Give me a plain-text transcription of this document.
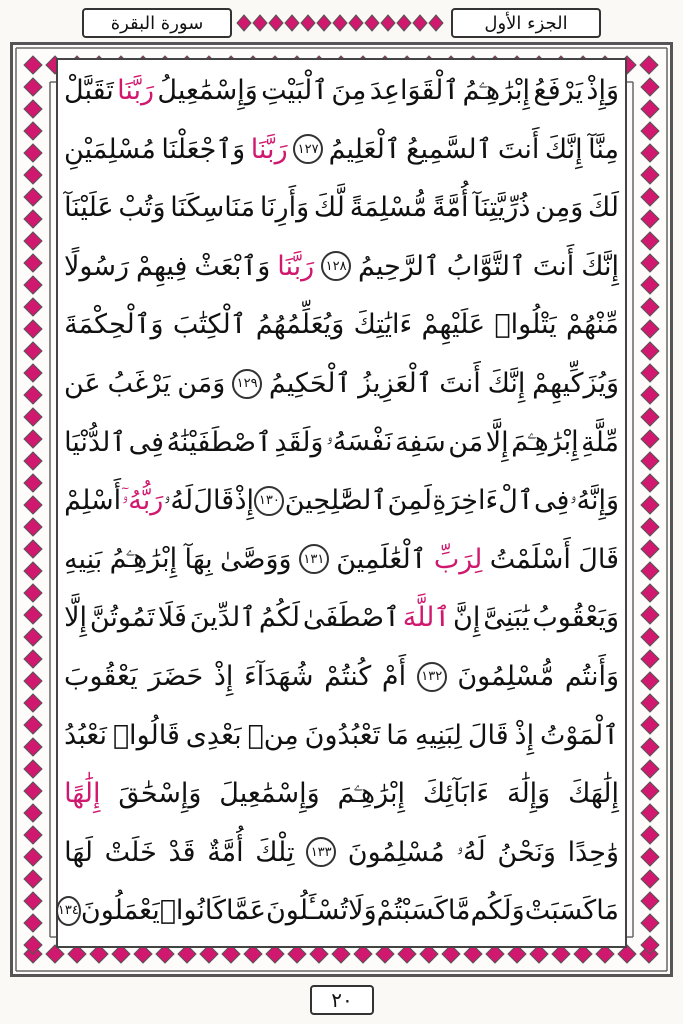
سورة البقرة	الجزء الأول
وَإِذْ
يَرْفَعُ
إِبْرَٰهِـۧمُ
ٱلْقَوَاعِدَ
مِنَ
ٱلْبَيْتِ
وَإِسْمَٰعِيلُ
رَبَّنَا
تَقَبَّلْ
مِنَّآ
إِنَّكَ
أَنتَ
ٱلسَّمِيعُ
ٱلْعَلِيمُ
١٢٧
رَبَّنَا
وَٱجْعَلْنَا
مُسْلِمَيْنِ
لَكَ
وَمِن
ذُرِّيَّتِنَآ
أُمَّةً
مُّسْلِمَةً
لَّكَ
وَأَرِنَا
مَنَاسِكَنَا
وَتُبْ
عَلَيْنَآ
إِنَّكَ
أَنتَ
ٱلتَّوَّابُ
ٱلرَّحِيمُ
١٢٨
رَبَّنَا
وَٱبْعَثْ
فِيهِمْ
رَسُولًا
مِّنْهُمْ
يَتْلُوا۟
عَلَيْهِمْ
ءَايَٰتِكَ
وَيُعَلِّمُهُمُ
ٱلْكِتَٰبَ
وَٱلْحِكْمَةَ
وَيُزَكِّيهِمْ
إِنَّكَ
أَنتَ
ٱلْعَزِيزُ
ٱلْحَكِيمُ
١٢٩
وَمَن
يَرْغَبُ
عَن
مِّلَّةِ
إِبْرَٰهِـۧمَ
إِلَّا
مَن
سَفِهَ
نَفْسَهُۥ
وَلَقَدِ
ٱصْطَفَيْنَٰهُ
فِى
ٱلدُّنْيَا
وَإِنَّهُۥ
فِى
ٱلْءَاخِرَةِ
لَمِنَ
ٱلصَّٰلِحِينَ
١٣٠
إِذْ
قَالَ
لَهُۥ
رَبُّهُۥٓ
أَسْلِمْ
قَالَ
أَسْلَمْتُ
لِرَبِّ
ٱلْعَٰلَمِينَ
١٣١
وَوَصَّىٰ
بِهَآ
إِبْرَٰهِـۧمُ
بَنِيهِ
وَيَعْقُوبُ
يَٰبَنِىَّ
إِنَّ
ٱللَّهَ
ٱصْطَفَىٰ
لَكُمُ
ٱلدِّينَ
فَلَا
تَمُوتُنَّ
إِلَّا
وَأَنتُم
مُّسْلِمُونَ
١٣٢
أَمْ
كُنتُمْ
شُهَدَآءَ
إِذْ
حَضَرَ
يَعْقُوبَ
ٱلْمَوْتُ
إِذْ
قَالَ
لِبَنِيهِ
مَا
تَعْبُدُونَ
مِنۢ
بَعْدِى
قَالُوا۟
نَعْبُدُ
إِلَٰهَكَ
وَإِلَٰهَ
ءَابَآئِكَ
إِبْرَٰهِـۧمَ
وَإِسْمَٰعِيلَ
وَإِسْحَٰقَ
إِلَٰهًا
وَٰحِدًا
وَنَحْنُ
لَهُۥ
مُسْلِمُونَ
١٣٣
تِلْكَ
أُمَّةٌ
قَدْ
خَلَتْ
لَهَا
مَا
كَسَبَتْ
وَلَكُم
مَّا
كَسَبْتُمْ
وَلَا
تُسْـَٔلُونَ
عَمَّا
كَانُوا۟
يَعْمَلُونَ
١٣٤
٢٠
